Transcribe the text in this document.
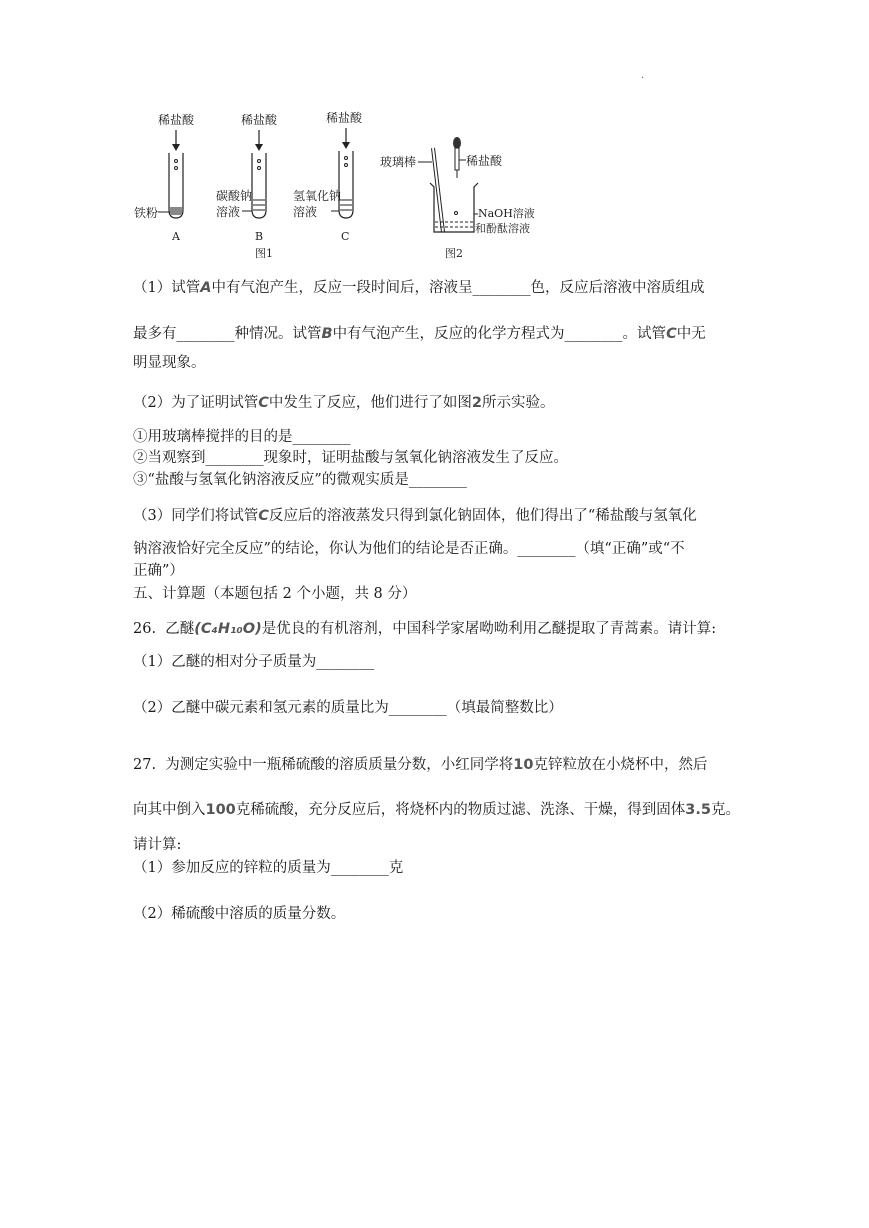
.
稀盐酸
铁粉
A
稀盐酸
碳酸钠
溶液
B
稀盐酸
氢氧化钠
溶液
C
图1
玻璃棒	稀盐酸
NaOH溶液
和酚酞溶液
图2
（1）试管A中有气泡产生，反应一段时间后，溶液呈________色，反应后溶液中溶质组成
最多有________种情况。试管B中有气泡产生，反应的化学方程式为________。试管C中无
明显现象。
（2）为了证明试管C中发生了反应，他们进行了如图2所示实验。
①用玻璃棒搅拌的目的是________
②当观察到________现象时，证明盐酸与氢氧化钠溶液发生了反应。
③“盐酸与氢氧化钠溶液反应”的微观实质是________
（3）同学们将试管C反应后的溶液蒸发只得到氯化钠固体，他们得出了“稀盐酸与氢氧化
钠溶液恰好完全反应”的结论，你认为他们的结论是否正确。________（填“正确”或“不
正确”）
五、计算题（本题包括 2 个小题，共 8 分）
26.  乙醚(C₄H₁₀O)是优良的有机溶剂，中国科学家屠呦呦利用乙醚提取了青蒿素。请计算:
（1）乙醚的相对分子质量为________
（2）乙醚中碳元素和氢元素的质量比为________（填最简整数比）
27.  为测定实验中一瓶稀硫酸的溶质质量分数，小红同学将10克锌粒放在小烧杯中，然后
向其中倒入100克稀硫酸，充分反应后，将烧杯内的物质过滤、洗涤、干燥，得到固体3.5克。
请计算:
（1）参加反应的锌粒的质量为________克
（2）稀硫酸中溶质的质量分数。
